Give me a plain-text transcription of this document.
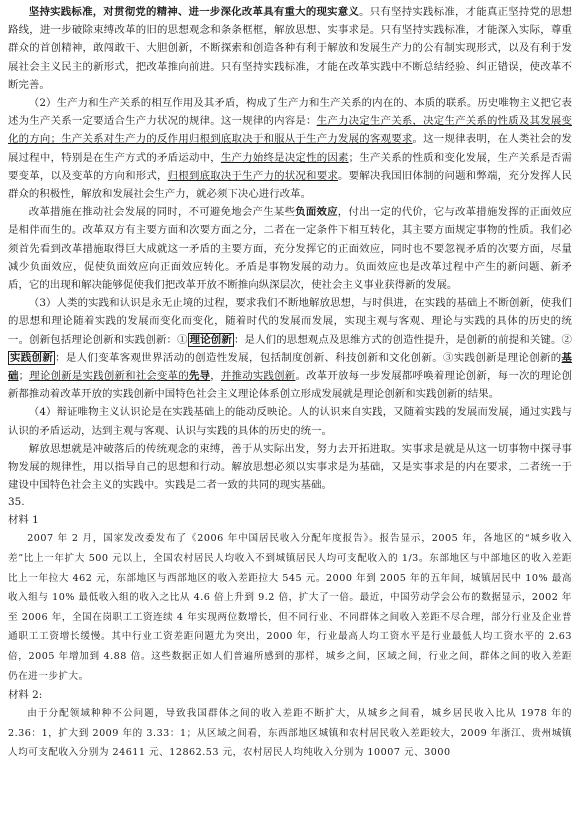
坚持实践标准，对贯彻党的精神、进一步深化改革具有重大的现实意义。只有坚持实践标准，才能真正坚持党的思想路线，进一步破除束缚改革的旧的思想观念和条条框框，解放思想、实事求是。只有坚持实践标准，才能深入实际，尊重群众的首创精神，敢闯敢干、大胆创新，不断探索和创造各种有利于解放和发展生产力的公有制实现形式，以及有利于发展社会主义民主的新形式，把改革推向前进。只有坚持实践标准，才能在改革实践中不断总结经验、纠正错误，使改革不断完善。

（2）生产力和生产关系的相互作用及其矛盾，构成了生产力和生产关系的内在的、本质的联系。历史唯物主义把它表述为生产关系一定要适合生产力状况的规律。这一规律的内容是：生产力决定生产关系，决定生产关系的性质及其发展变化的方向；生产关系对生产力的反作用归根到底取决于和服从于生产力发展的客观要求。这一规律表明，在人类社会的发展过程中，特别是在生产方式的矛盾运动中，生产力始终是决定性的因素；生产关系的性质和变化发展，生产关系是否需要变革，以及变革的方向和形式，归根到底取决于生产力的状况和要求。要解决我国旧体制的问题和弊端，充分发挥人民群众的积极性，解放和发展社会生产力，就必须下决心进行改革。

改革措施在推动社会发展的同时，不可避免地会产生某些负面效应，付出一定的代价，它与改革措施发挥的正面效应是相伴而生的。改革双方有主要方面和次要方面之分，二者在一定条件下相互转化，其主要方面规定事物的性质。我们必须首先看到改革措施取得巨大成就这一矛盾的主要方面，充分发挥它的正面效应，同时也不要忽视矛盾的次要方面，尽量减少负面效应，促使负面效应向正面效应转化。矛盾是事物发展的动力。负面效应也是改革过程中产生的新问题、新矛盾，它的出现和解决能够促使我们把改革开放不断推向纵深层次，使社会主义事业获得新的发展。

（3）人类的实践和认识是永无止境的过程，要求我们不断地解放思想，与时俱进，在实践的基础上不断创新，使我们的思想和理论随着实践的发展而变化而变化，随着时代的发展而发展，实现主观与客观、理论与实践的具体的历史的统一。创新包括理论创新和实践创新：① 理论创新 ：是人们的思想观点及思维方式的创造性提升，是创新的前提和关键。②实践创新 ：是人们变革客观世界活动的创造性发展，包括制度创新、科技创新和文化创新。③实践创新是理论创新的基础；理论创新是实践创新和社会变革的先导，并推动实践创新。改革开放每一步发展都呼唤着理论创新，每一次的理论创新都推动着改革开放的实践创新中国特色社会主义理论体系创立形成发展就是理论创新和实践创新的结果。

（4）辩证唯物主义认识论是在实践基础上的能动反映论。人的认识来自实践，又随着实践的发展而发展，通过实践与认识的矛盾运动，达到主观与客观、认识与实践的具体的历史的统一。

解放思想就是冲破落后的传统观念的束缚，善于从实际出发，努力去开拓进取。实事求是就是从这一切事物中探寻事物发展的规律性，用以指导自己的思想和行动。解放思想必须以实事求是为基础，又是实事求是的内在要求，二者统一于建设中国特色社会主义的实践中。实践是二者一致的共同的现实基础。

35.

材料 1

2007 年 2 月，国家发改委发布了《2006 年中国居民收入分配年度报告》。报告显示，2005 年，各地区的“城乡收入差”比上一年扩大 500 元以上，全国农村居民人均收入不到城镇居民人均可支配收入的 1/3。东部地区与中部地区的收入差距比上一年拉大 462 元，东部地区与西部地区的收入差距拉大 545 元。2000 年到 2005 年的五年间，城镇居民中 10% 最高收入组与 10% 最低收入组的收入之比从 4.6 倍上升到 9.2 倍，扩大了一倍。最近，中国劳动学会公布的数据显示，2002 年至 2006 年，全国在岗职工工资连续 4 年实现两位数增长，但不同行业、不同群体之间收入差距不尽合理，部分行业及企业普通职工工资增长缓慢。其中行业工资差距问题尤为突出，2000 年，行业最高人均工资水平是行业最低人均工资水平的 2.63 倍，2005 年增加到 4.88 倍。这些数据正如人们普遍所感到的那样，城乡之间，区域之间，行业之间，群体之间的收入差距仍在进一步扩大。

材料 2:

由于分配领域种种不公问题，导致我国群体之间的收入差距不断扩大，从城乡之间看，城乡居民收入比从 1978 年的 2.36：1，扩大到 2009 年的 3.33：1；从区域之间看，东西部地区城镇和农村居民收入差距较大，2009 年浙江、贵州城镇人均可支配收入分别为 24611 元、12862.53 元，农村居民人均纯收入分别为 10007 元、3000
